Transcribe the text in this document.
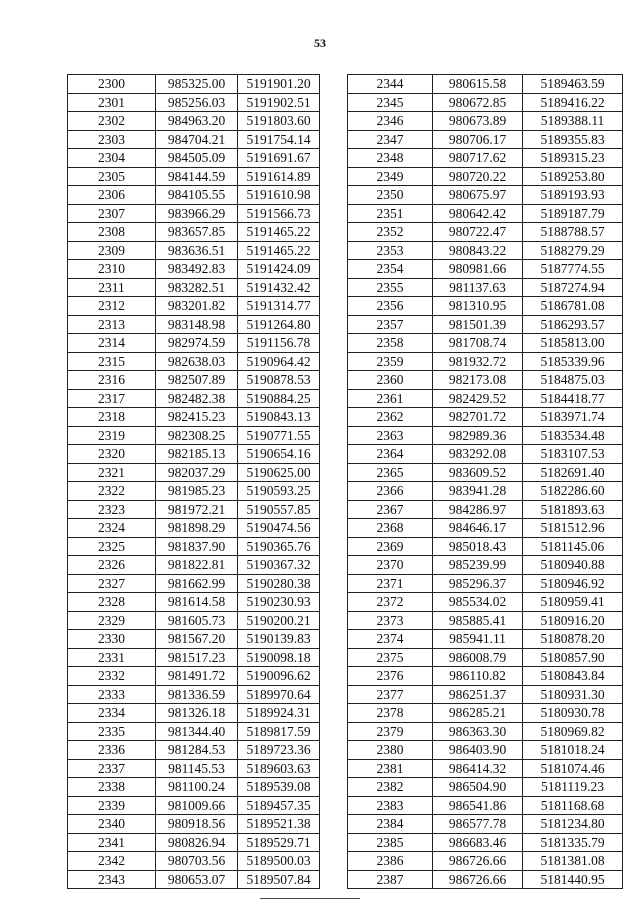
53
2300	985325.00	5191901.20
2301	985256.03	5191902.51
2302	984963.20	5191803.60
2303	984704.21	5191754.14
2304	984505.09	5191691.67
2305	984144.59	5191614.89
2306	984105.55	5191610.98
2307	983966.29	5191566.73
2308	983657.85	5191465.22
2309	983636.51	5191465.22
2310	983492.83	5191424.09
2311	983282.51	5191432.42
2312	983201.82	5191314.77
2313	983148.98	5191264.80
2314	982974.59	5191156.78
2315	982638.03	5190964.42
2316	982507.89	5190878.53
2317	982482.38	5190884.25
2318	982415.23	5190843.13
2319	982308.25	5190771.55
2320	982185.13	5190654.16
2321	982037.29	5190625.00
2322	981985.23	5190593.25
2323	981972.21	5190557.85
2324	981898.29	5190474.56
2325	981837.90	5190365.76
2326	981822.81	5190367.32
2327	981662.99	5190280.38
2328	981614.58	5190230.93
2329	981605.73	5190200.21
2330	981567.20	5190139.83
2331	981517.23	5190098.18
2332	981491.72	5190096.62
2333	981336.59	5189970.64
2334	981326.18	5189924.31
2335	981344.40	5189817.59
2336	981284.53	5189723.36
2337	981145.53	5189603.63
2338	981100.24	5189539.08
2339	981009.66	5189457.35
2340	980918.56	5189521.38
2341	980826.94	5189529.71
2342	980703.56	5189500.03
2343	980653.07	5189507.84
2344	980615.58	5189463.59
2345	980672.85	5189416.22
2346	980673.89	5189388.11
2347	980706.17	5189355.83
2348	980717.62	5189315.23
2349	980720.22	5189253.80
2350	980675.97	5189193.93
2351	980642.42	5189187.79
2352	980722.47	5188788.57
2353	980843.22	5188279.29
2354	980981.66	5187774.55
2355	981137.63	5187274.94
2356	981310.95	5186781.08
2357	981501.39	5186293.57
2358	981708.74	5185813.00
2359	981932.72	5185339.96
2360	982173.08	5184875.03
2361	982429.52	5184418.77
2362	982701.72	5183971.74
2363	982989.36	5183534.48
2364	983292.08	5183107.53
2365	983609.52	5182691.40
2366	983941.28	5182286.60
2367	984286.97	5181893.63
2368	984646.17	5181512.96
2369	985018.43	5181145.06
2370	985239.99	5180940.88
2371	985296.37	5180946.92
2372	985534.02	5180959.41
2373	985885.41	5180916.20
2374	985941.11	5180878.20
2375	986008.79	5180857.90
2376	986110.82	5180843.84
2377	986251.37	5180931.30
2378	986285.21	5180930.78
2379	986363.30	5180969.82
2380	986403.90	5181018.24
2381	986414.32	5181074.46
2382	986504.90	5181119.23
2383	986541.86	5181168.68
2384	986577.78	5181234.80
2385	986683.46	5181335.79
2386	986726.66	5181381.08
2387	986726.66	5181440.95
